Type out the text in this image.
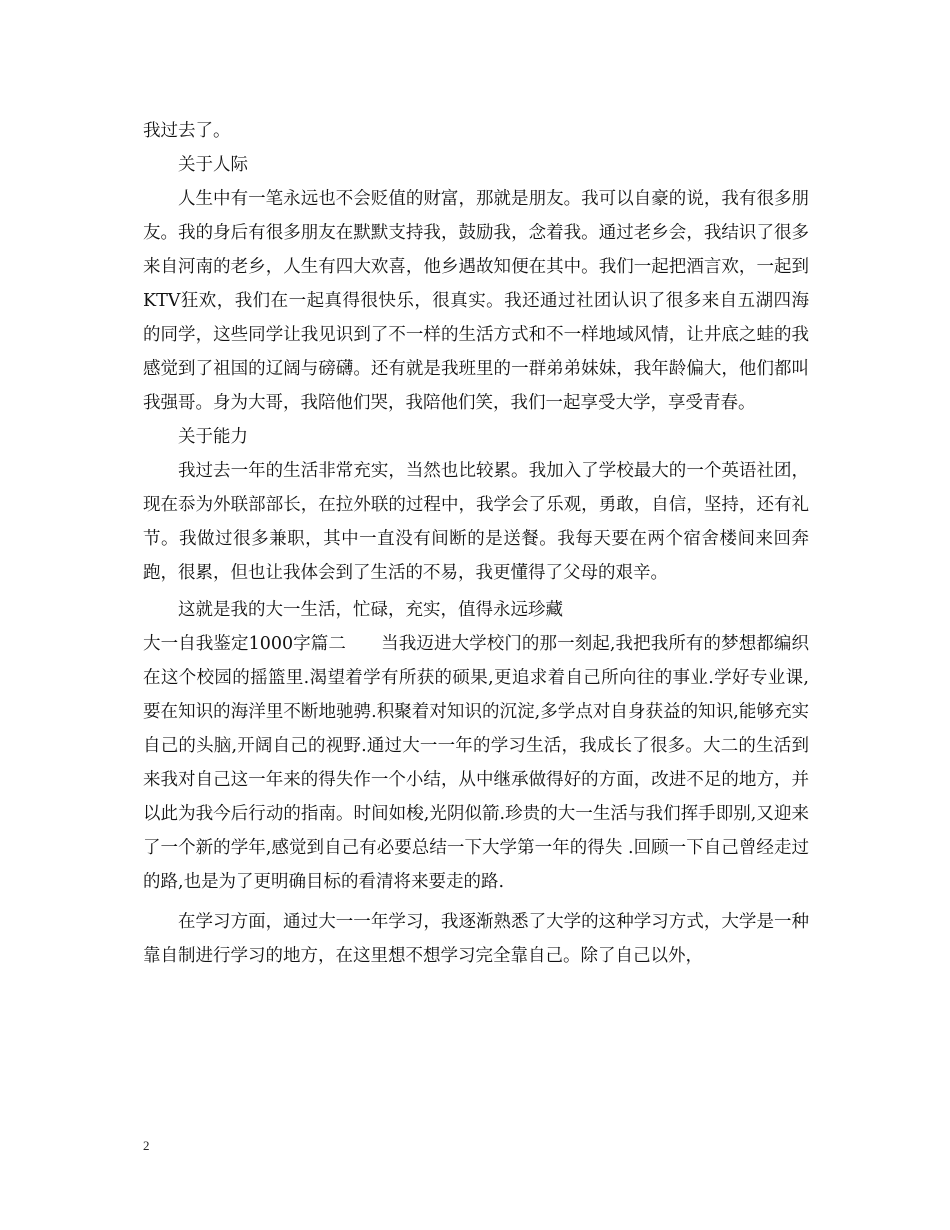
我过去了。

关于人际

人生中有一笔永远也不会贬值的财富，那就是朋友。我可以自豪的说，我有很多朋友。我的身后有很多朋友在默默支持我，鼓励我，念着我。通过老乡会，我结识了很多来自河南的老乡，人生有四大欢喜，他乡遇故知便在其中。我们一起把酒言欢，一起到KTV狂欢，我们在一起真得很快乐，很真实。我还通过社团认识了很多来自五湖四海的同学，这些同学让我见识到了不一样的生活方式和不一样地域风情，让井底之蛙的我感觉到了祖国的辽阔与磅礴。还有就是我班里的一群弟弟妹妹，我年龄偏大，他们都叫我强哥。身为大哥，我陪他们哭，我陪他们笑，我们一起享受大学，享受青春。

关于能力

我过去一年的生活非常充实，当然也比较累。我加入了学校最大的一个英语社团，现在忝为外联部部长，在拉外联的过程中，我学会了乐观，勇敢，自信，坚持，还有礼节。我做过很多兼职，其中一直没有间断的是送餐。我每天要在两个宿舍楼间来回奔跑，很累，但也让我体会到了生活的不易，我更懂得了父母的艰辛。

这就是我的大一生活，忙碌，充实，值得永远珍藏

大一自我鉴定1000字篇二　　当我迈进大学校门的那一刻起,我把我所有的梦想都编织在这个校园的摇篮里.渴望着学有所获的硕果,更追求着自己所向往的事业.学好专业课,要在知识的海洋里不断地驰骋.积聚着对知识的沉淀,多学点对自身获益的知识,能够充实自己的头脑,开阔自己的视野.通过大一一年的学习生活，我成长了很多。大二的生活到来我对自己这一年来的得失作一个小结，从中继承做得好的方面，改进不足的地方，并以此为我今后行动的指南。时间如梭,光阴似箭.珍贵的大一生活与我们挥手即别,又迎来了一个新的学年,感觉到自己有必要总结一下大学第一年的得失 .回顾一下自己曾经走过的路,也是为了更明确目标的看清将来要走的路.

在学习方面，通过大一一年学习，我逐渐熟悉了大学的这种学习方式，大学是一种靠自制进行学习的地方，在这里想不想学习完全靠自己。除了自己以外，

2
